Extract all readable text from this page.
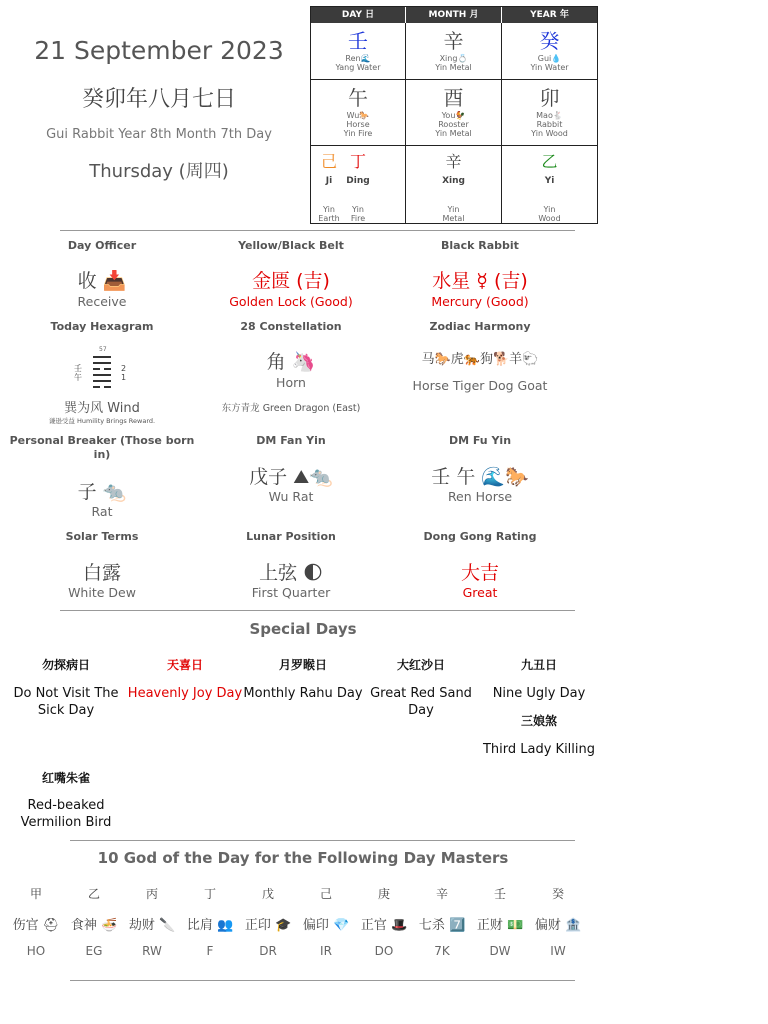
21 September 2023
癸卯年八月七日
Gui Rabbit Year 8th Month 7th Day
Thursday (周四)
DAY 日	MONTH 月	YEAR 年
壬
Ren🌊
Yang Water
辛
Xing💍
Yin Metal
癸
Gui💧
Yin Water
午
Wu🐎
Horse
Yin Fire
酉
You🐓
Rooster
Yin Metal
卯
Mao🐇
Rabbit
Yin Wood
己
Ji
Yin
Earth
丁
Ding
Yin
Fire
辛
Xing
Yin
Metal
乙
Yi
Yin
Wood
Day Officer
收 📥
Receive
Yellow/Black Belt
金匮 (吉)
Golden Lock (Good)
Black Rabbit
水星 ☿ (吉)
Mercury (Good)
Today Hexagram
57
壬
午
2
1
巽为风 Wind
谦逊受益 Humility Brings Reward.
28 Constellation
角 🦄
Horn
东方青龙 Green Dragon (East)
Zodiac Harmony
马🐎虎🐅狗🐕羊🐑
Horse Tiger Dog Goat
Personal Breaker (Those born in)
子 🐀
Rat
DM Fan Yin
戊子 ⛰🐀
Wu Rat
DM Fu Yin
壬 午 🌊🐎
Ren Horse
Solar Terms
白露
White Dew
Lunar Position
上弦 🌓
First Quarter
Dong Gong Rating
大吉
Great
Special Days
勿探病日
Do Not Visit The Sick Day
天喜日
Heavenly Joy Day
月罗睺日
Monthly Rahu Day
大红沙日
Great Red Sand Day
九丑日
Nine Ugly Day
三娘煞
Third Lady Killing
红嘴朱雀
Red-beaked Vermilion Bird
10 God of the Day for the Following Day Masters
甲
伤官 ⛑
HO
乙
食神 🍜
EG
丙
劫财 🔪
RW
丁
比肩 👥
F
戊
正印 🎓
DR
己
偏印 💎
IR
庚
正官 🎩
DO
辛
七杀 7️⃣
7K
壬
正财 💵
DW
癸
偏财 🏦
IW
